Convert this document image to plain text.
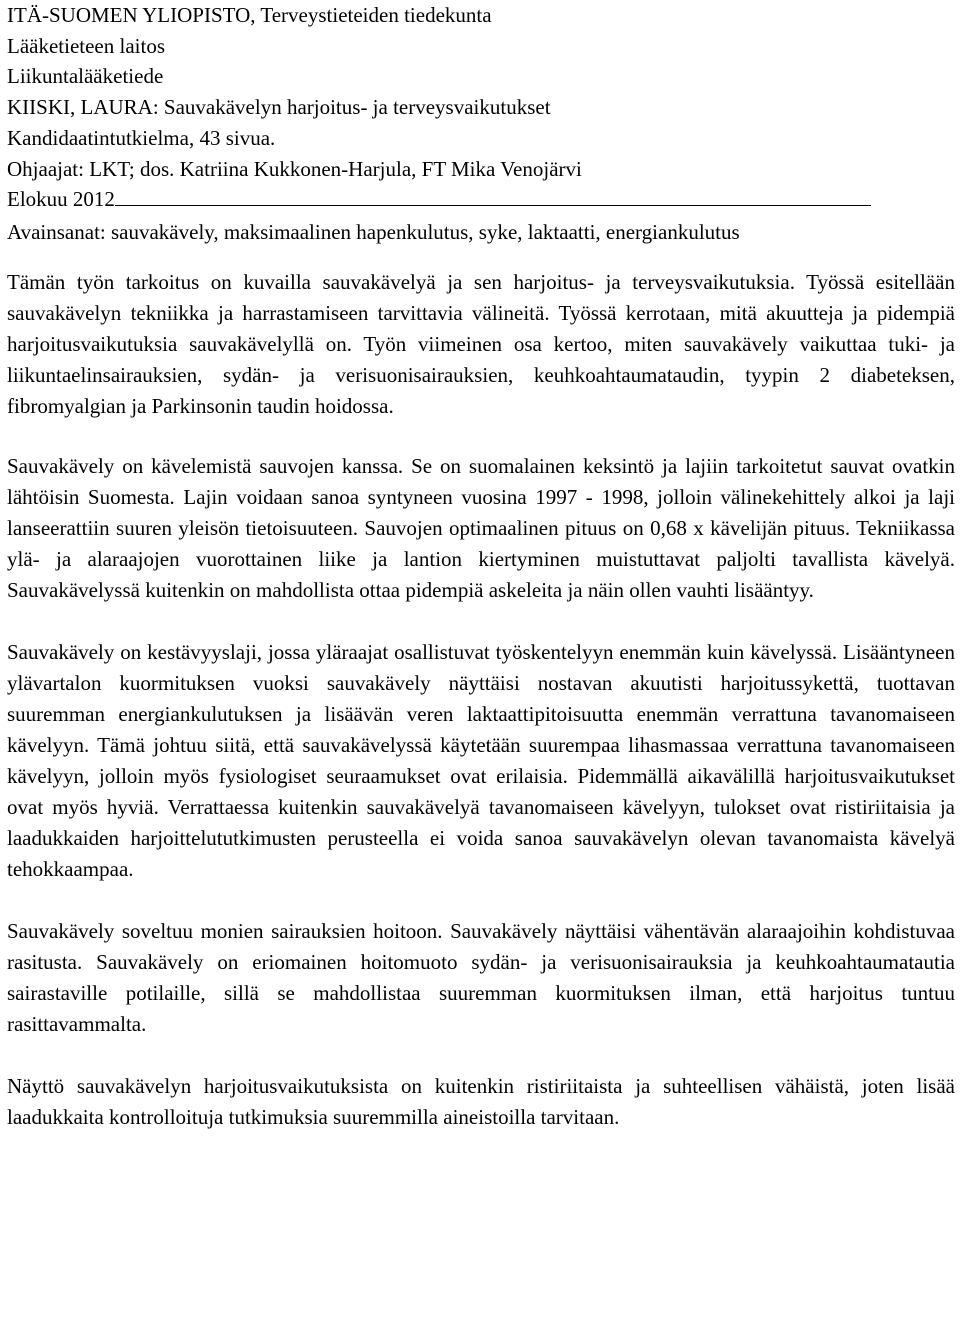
ITÄ-SUOMEN YLIOPISTO, Terveystieteiden tiedekunta
Lääketieteen laitos
Liikuntalääketiede
KIISKI, LAURA: Sauvakävelyn harjoitus- ja terveysvaikutukset
Kandidaatintutkielma, 43 sivua.
Ohjaajat: LKT; dos. Katriina Kukkonen-Harjula, FT Mika Venojärvi
Elokuu 2012
Avainsanat: sauvakävely, maksimaalinen hapenkulutus, syke, laktaatti, energiankulutus

Tämän työn tarkoitus on kuvailla sauvakävelyä ja sen harjoitus- ja terveysvaikutuksia. Työssä esitellään sauvakävelyn tekniikka ja harrastamiseen tarvittavia välineitä. Työssä kerrotaan, mitä akuutteja ja pidempiä harjoitusvaikutuksia sauvakävelyllä on. Työn viimeinen osa kertoo, miten sauvakävely vaikuttaa tuki- ja liikuntaelinsairauksien, sydän- ja verisuonisairauksien, keuhkoahtaumataudin, tyypin 2 diabeteksen, fibromyalgian ja Parkinsonin taudin hoidossa.

Sauvakävely on kävelemistä sauvojen kanssa. Se on suomalainen keksintö ja lajiin tarkoitetut sauvat ovatkin lähtöisin Suomesta. Lajin voidaan sanoa syntyneen vuosina 1997 - 1998, jolloin välinekehittely alkoi ja laji lanseerattiin suuren yleisön tietoisuuteen. Sauvojen optimaalinen pituus on 0,68 x kävelijän pituus. Tekniikassa ylä- ja alaraajojen vuorottainen liike ja lantion kiertyminen muistuttavat paljolti tavallista kävelyä. Sauvakävelyssä kuitenkin on mahdollista ottaa pidempiä askeleita ja näin ollen vauhti lisääntyy.

Sauvakävely on kestävyyslaji, jossa yläraajat osallistuvat työskentelyyn enemmän kuin kävelyssä. Lisääntyneen ylävartalon kuormituksen vuoksi sauvakävely näyttäisi nostavan akuutisti harjoitussykettä, tuottavan suuremman energiankulutuksen ja lisäävän veren laktaattipitoisuutta enemmän verrattuna tavanomaiseen kävelyyn. Tämä johtuu siitä, että sauvakävelyssä käytetään suurempaa lihasmassaa verrattuna tavanomaiseen kävelyyn, jolloin myös fysiologiset seuraamukset ovat erilaisia. Pidemmällä aikavälillä harjoitusvaikutukset ovat myös hyviä. Verrattaessa kuitenkin sauvakävelyä tavanomaiseen kävelyyn, tulokset ovat ristiriitaisia ja laadukkaiden harjoittelututkimusten perusteella ei voida sanoa sauvakävelyn olevan tavanomaista kävelyä tehokkaampaa.

Sauvakävely soveltuu monien sairauksien hoitoon. Sauvakävely näyttäisi vähentävän alaraajoihin kohdistuvaa rasitusta. Sauvakävely on eriomainen hoitomuoto sydän- ja verisuonisairauksia ja keuhkoahtaumatautia sairastaville potilaille, sillä se mahdollistaa suuremman kuormituksen ilman, että harjoitus tuntuu rasittavammalta.

Näyttö sauvakävelyn harjoitusvaikutuksista on kuitenkin ristiriitaista ja suhteellisen vähäistä, joten lisää laadukkaita kontrolloituja tutkimuksia suuremmilla aineistoilla tarvitaan.
